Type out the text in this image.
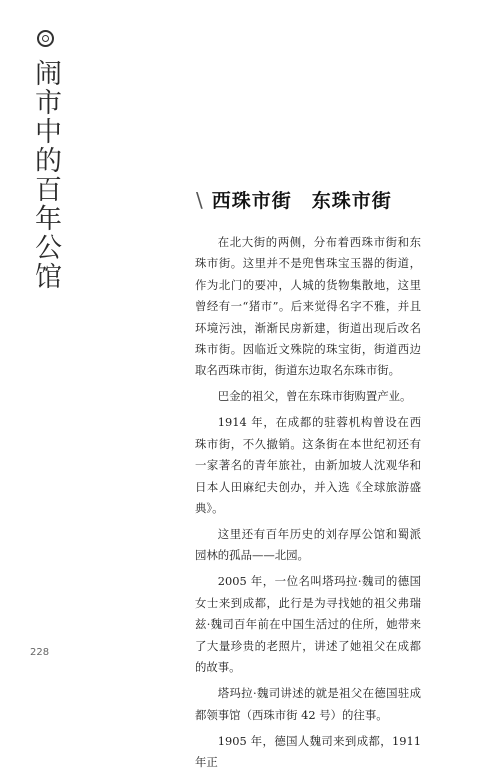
闹市中的百年公馆	\ 西珠市街　东珠市街

在北大街的两侧，分布着西珠市街和东珠市街。这里并不是兜售珠宝玉器的街道，作为北门的要冲，人城的货物集散地，这里曾经有一“猪市”。后来觉得名字不雅，并且环境污浊，渐渐民房新建，街道出现后改名珠市街。因临近文殊院的珠宝街，街道西边取名西珠市街，街道东边取名东珠市街。

巴金的祖父，曾在东珠市街购置产业。

1914 年，在成都的驻蓉机构曾设在西珠市街，不久撤销。这条街在本世纪初还有一家著名的青年旅社，由新加坡人沈观华和日本人田麻纪夫创办，并入选《全球旅游盛典》。

这里还有百年历史的刘存厚公馆和蜀派园林的孤品——北园。

2005 年，一位名叫塔玛拉·魏司的德国女士来到成都，此行是为寻找她的祖父弗瑞兹·魏司百年前在中国生活过的住所，她带来了大量珍贵的老照片，讲述了她祖父在成都的故事。

塔玛拉·魏司讲述的就是祖父在德国驻成都领事馆（西珠市街 42 号）的往事。

1905 年，德国人魏司来到成都，1911 年正

228
